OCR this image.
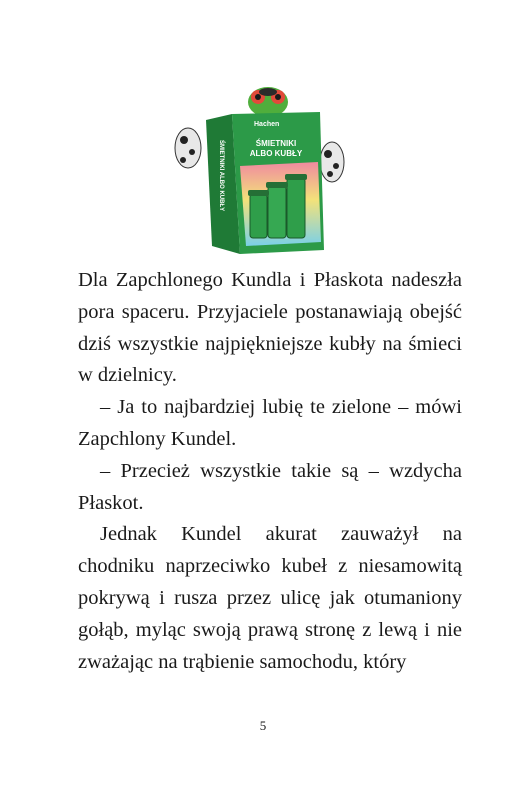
Hachen
ŚMIETNIKI
ALBO KUBŁY
ŚMIETNIKI ALBO KUBŁY

Dla Zapchlonego Kundla i Płaskota nadeszła pora spaceru. Przyjaciele postanawiają obejść dziś wszystkie najpiękniejsze kubły na śmieci w dzielnicy.

– Ja to najbardziej lubię te zielone – mówi Zapchlony Kundel.

– Przecież wszystkie takie są – wzdycha Płaskot.

Jednak Kundel akurat zauważył na chodniku naprzeciwko kubeł z niesamowitą pokrywą i rusza przez ulicę jak otumaniony gołąb, myląc swoją prawą stronę z lewą i nie zważając na trąbienie samochodu, który

5
